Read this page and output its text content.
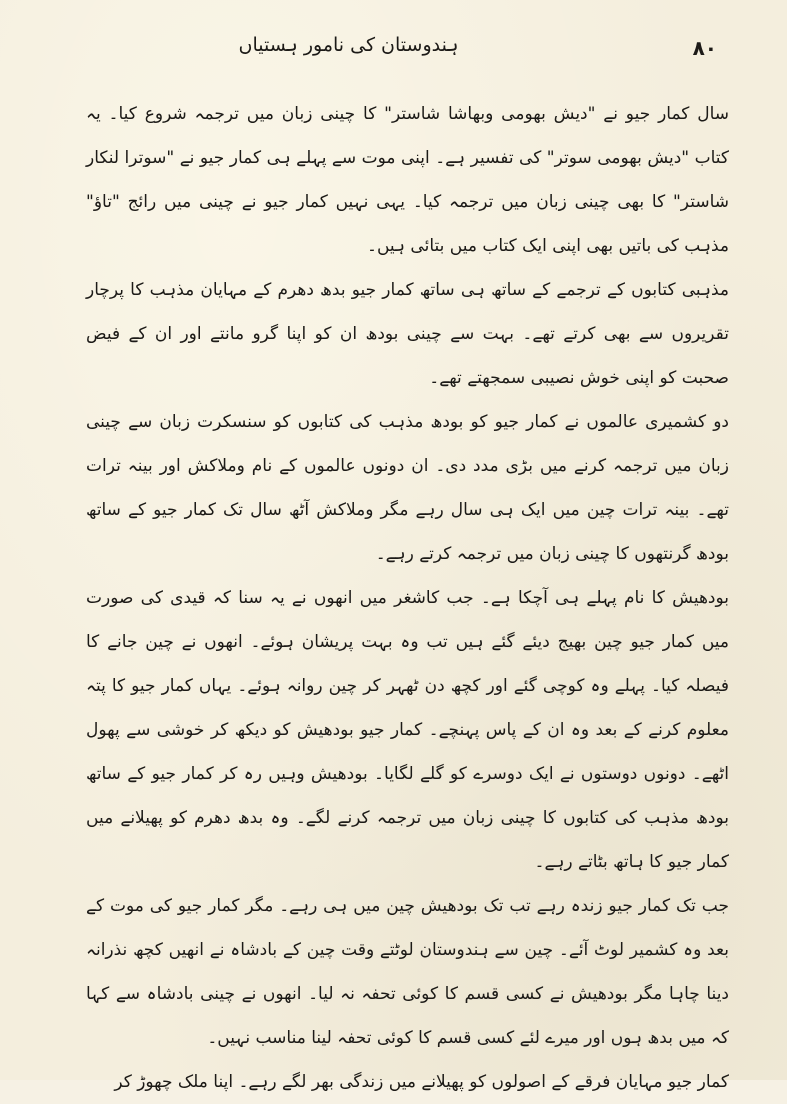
۸۰
ہندوستان کی نامور ہستیاں

سال کمار جیو نے "دیش بھومی وبھاشا شاستر" کا چینی زبان میں ترجمہ شروع کیا۔ یہ کتاب "دیش بھومی سوتر" کی تفسیر ہے۔ اپنی موت سے پہلے ہی کمار جیو نے "سوترا لنکار شاستر" کا بھی چینی زبان میں ترجمہ کیا۔ یہی نہیں کمار جیو نے چینی میں رائج "تاؤ" مذہب کی باتیں بھی اپنی ایک کتاب میں بتائی ہیں۔

مذہبی کتابوں کے ترجمے کے ساتھ ہی ساتھ کمار جیو بدھ دھرم کے مہایان مذہب کا پرچار تقریروں سے بھی کرتے تھے۔ بہت سے چینی بودھ ان کو اپنا گرو مانتے اور ان کے فیض صحبت کو اپنی خوش نصیبی سمجھتے تھے۔

دو کشمیری عالموں نے کمار جیو کو بودھ مذہب کی کتابوں کو سنسکرت زبان سے چینی زبان میں ترجمہ کرنے میں بڑی مدد دی۔ ان دونوں عالموں کے نام وملاکش اور بینہ ترات تھے۔ بینہ ترات چین میں ایک ہی سال رہے مگر وملاکش آٹھ سال تک کمار جیو کے ساتھ بودھ گرنتھوں کا چینی زبان میں ترجمہ کرتے رہے۔

بودھیش کا نام پہلے ہی آچکا ہے۔ جب کاشغر میں انھوں نے یہ سنا کہ قیدی کی صورت میں کمار جیو چین بھیج دیئے گئے ہیں تب وہ بہت پریشان ہوئے۔ انھوں نے چین جانے کا فیصلہ کیا۔ پہلے وہ کوچی گئے اور کچھ دن ٹھہر کر چین روانہ ہوئے۔ یہاں کمار جیو کا پتہ معلوم کرنے کے بعد وہ ان کے پاس پہنچے۔ کمار جیو بودھیش کو دیکھ کر خوشی سے پھول اٹھے۔ دونوں دوستوں نے ایک دوسرے کو گلے لگایا۔ بودھیش وہیں رہ کر کمار جیو کے ساتھ بودھ مذہب کی کتابوں کا چینی زبان میں ترجمہ کرنے لگے۔ وہ بدھ دھرم کو پھیلانے میں کمار جیو کا ہاتھ بٹاتے رہے۔

جب تک کمار جیو زندہ رہے تب تک بودھیش چین میں ہی رہے۔ مگر کمار جیو کی موت کے بعد وہ کشمیر لوٹ آئے۔ چین سے ہندوستان لوٹتے وقت چین کے بادشاہ نے انھیں کچھ نذرانہ دینا چاہا مگر بودھیش نے کسی قسم کا کوئی تحفہ نہ لیا۔ انھوں نے چینی بادشاہ سے کہا کہ میں بدھ ہوں اور میرے لئے کسی قسم کا کوئی تحفہ لینا مناسب نہیں۔

کمار جیو مہایان فرقے کے اصولوں کو پھیلانے میں زندگی بھر لگے رہے۔ اپنا ملک چھوڑ کر
